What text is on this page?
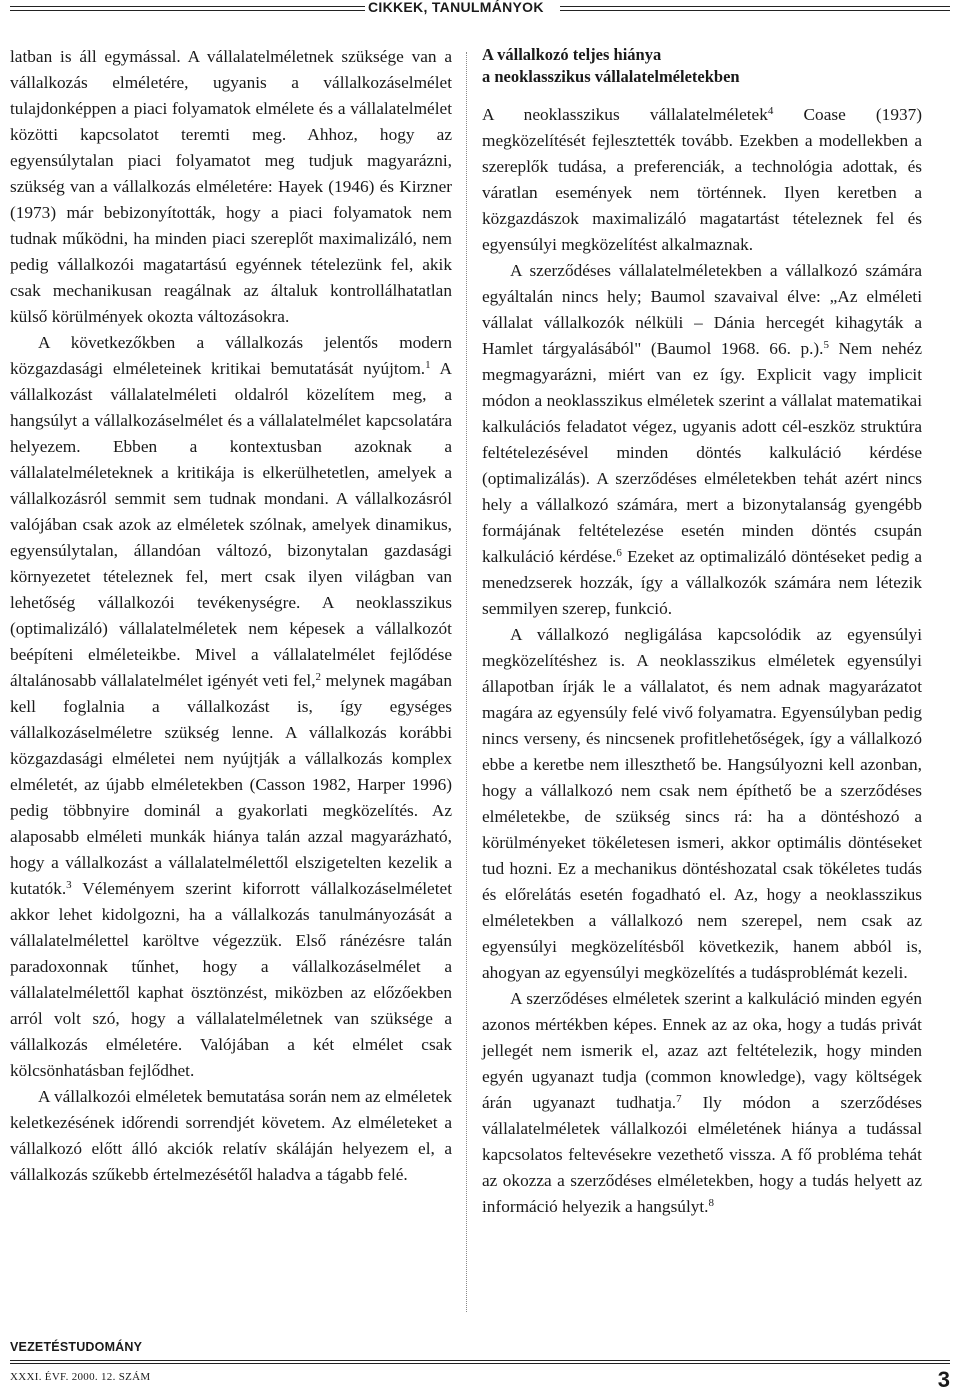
CIKKEK, TANULMÁNYOK

latban is áll egymással. A vállalatelméletnek szüksége van a vállalkozás elméletére, ugyanis a vállalkozáselmélet tulajdonképpen a piaci folyamatok elmélete és a vállalatelmélet közötti kapcsolatot teremti meg. Ahhoz, hogy az egyensúlytalan piaci folyamatot meg tudjuk magyarázni, szükség van a vállalkozás elméletére: Hayek (1946) és Kirzner (1973) már bebizonyították, hogy a piaci folyamatok nem tudnak működni, ha minden piaci szereplőt maximalizáló, nem pedig vállalkozói magatartású egyénnek tételezünk fel, akik csak mechanikusan reagálnak az általuk kontrollálhatatlan külső körülmények okozta változásokra.

A következőkben a vállalkozás jelentős modern közgazdasági elméleteinek kritikai bemutatását nyújtom.$^1$ A vállalkozást vállalatelméleti oldalról közelítem meg, a hangsúlyt a vállalkozáselmélet és a vállalatelmélet kapcsolatára helyezem. Ebben a kontextusban azoknak a vállalatelméleteknek a kritikája is elkerülhetetlen, amelyek a vállalkozásról semmit sem tudnak mondani. A vállalkozásról valójában csak azok az elméletek szólnak, amelyek dinamikus, egyensúlytalan, állandóan változó, bizonytalan gazdasági környezetet tételeznek fel, mert csak ilyen világban van lehetőség vállalkozói tevékenységre. A neoklasszikus (optimalizáló) vállalatelméletek nem képesek a vállalkozót beépíteni elméleteikbe. Mivel a vállalatelmélet fejlődése általánosabb vállalatelmélet igényét veti fel,$^2$ melynek magában kell foglalnia a vállalkozást is, így egységes vállalkozáselméletre szükség lenne. A vállalkozás korábbi közgazdasági elméletei nem nyújtják a vállalkozás komplex elméletét, az újabb elméletekben (Casson 1982, Harper 1996) pedig többnyire dominál a gyakorlati megközelítés. Az alaposabb elméleti munkák hiánya talán azzal magyarázható, hogy a vállalkozást a vállalatelmélettől elszigetelten kezelik a kutatók.$^3$ Véleményem szerint kiforrott vállalkozáselméletet akkor lehet kidolgozni, ha a vállalkozás tanulmányozását a vállalatelmélettel karöltve végezzük. Első ránézésre talán paradoxonnak tűnhet, hogy a vállalkozáselmélet a vállalatelmélettől kaphat ösztönzést, miközben az előzőekben arról volt szó, hogy a vállalatelméletnek van szüksége a vállalkozás elméletére. Valójában a két elmélet csak kölcsönhatásban fejlődhet.

A vállalkozói elméletek bemutatása során nem az elméletek keletkezésének időrendi sorrendjét követem. Az elméleteket a vállalkozó előtt álló akciók relatív skáláján helyezem el, a vállalkozás szűkebb értelmezésétől haladva a tágabb felé.

A vállalkozó teljes hiánya
a neoklasszikus vállalatelméletekben

A neoklasszikus vállalatelméletek$^4$ Coase (1937) megközelítését fejlesztették tovább. Ezekben a modellekben a szereplők tudása, a preferenciák, a technológia adottak, és váratlan események nem történnek. Ilyen keretben a közgazdászok maximalizáló magatartást tételeznek fel és egyensúlyi megközelítést alkalmaznak.

A szerződéses vállalatelméletekben a vállalkozó számára egyáltalán nincs hely; Baumol szavaival élve: „Az elméleti vállalat vállalkozók nélküli – Dánia hercegét kihagyták a Hamlet tárgyalásából" (Baumol 1968. 66. p.).$^5$ Nem nehéz megmagyarázni, miért van ez így. Explicit vagy implicit módon a neoklasszikus elméletek szerint a vállalat matematikai kalkulációs feladatot végez, ugyanis adott cél-eszköz struktúra feltételezésével minden döntés kalkuláció kérdése (optimalizálás). A szerződéses elméletekben tehát azért nincs hely a vállalkozó számára, mert a bizonytalanság gyengébb formájának feltételezése esetén minden döntés csupán kalkuláció kérdése.$^6$ Ezeket az optimalizáló döntéseket pedig a menedzserek hozzák, így a vállalkozók számára nem létezik semmilyen szerep, funkció.

A vállalkozó negligálása kapcsolódik az egyensúlyi megközelítéshez is. A neoklasszikus elméletek egyensúlyi állapotban írják le a vállalatot, és nem adnak magyarázatot magára az egyensúly felé vivő folyamatra. Egyensúlyban pedig nincs verseny, és nincsenek profitlehetőségek, így a vállalkozó ebbe a keretbe nem illeszthető be. Hangsúlyozni kell azonban, hogy a vállalkozó nem csak nem építhető be a szerződéses elméletekbe, de szükség sincs rá: ha a döntéshozó a körülményeket tökéletesen ismeri, akkor optimális döntéseket tud hozni. Ez a mechanikus döntéshozatal csak tökéletes tudás és előrelátás esetén fogadható el. Az, hogy a neoklasszikus elméletekben a vállalkozó nem szerepel, nem csak az egyensúlyi megközelítésből következik, hanem abból is, ahogyan az egyensúlyi megközelítés a tudásproblémát kezeli.

A szerződéses elméletek szerint a kalkuláció minden egyén azonos mértékben képes. Ennek az az oka, hogy a tudás privát jellegét nem ismerik el, azaz azt feltételezik, hogy minden egyén ugyanazt tudja (common knowledge), vagy költségek árán ugyanazt tudhatja.$^7$ Ily módon a szerződéses vállalatelméletek vállalkozói elméletének hiánya a tudással kapcsolatos feltevésekre vezethető vissza. A fő probléma tehát az okozza a szerződéses elméletekben, hogy a tudás helyett az információ helyezik a hangsúlyt.$^8$

VEZETÉSTUDOMÁNY
XXXI. ÉVF. 2000. 12. SZÁM	3
